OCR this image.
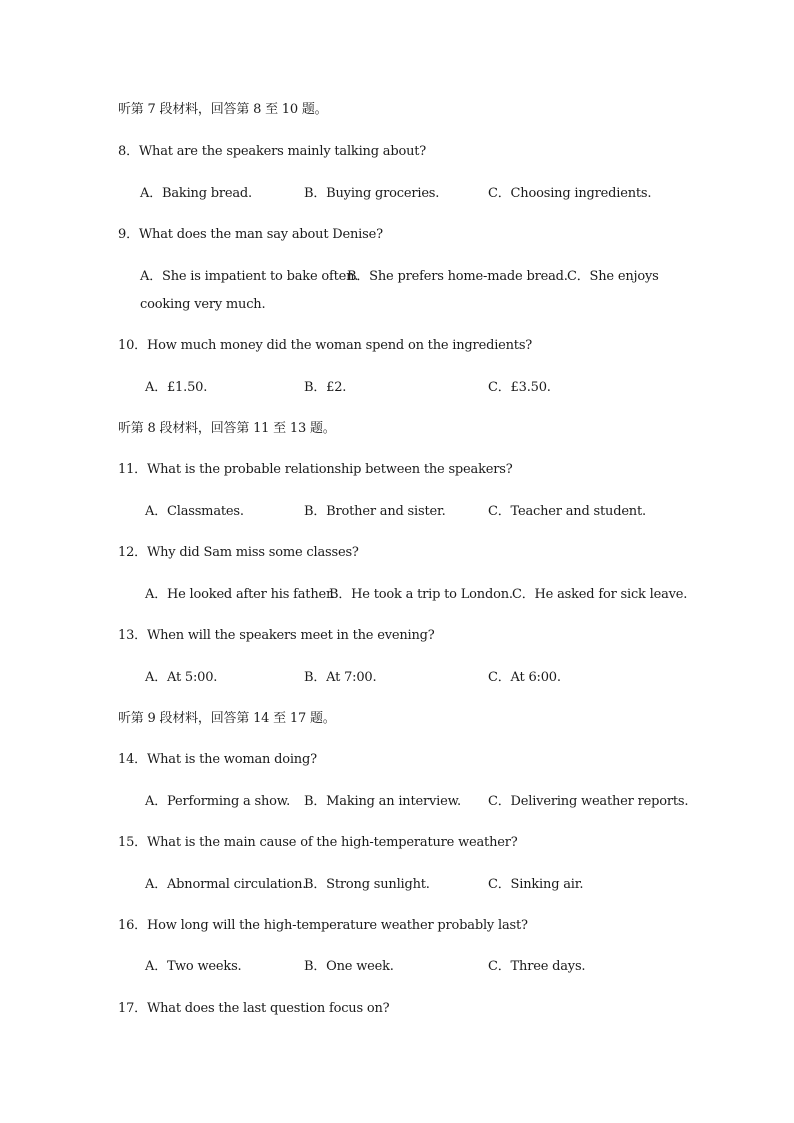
听第 7 段材料，回答第 8 至 10 题。
8．What are the speakers mainly talking about?
A．Baking bread.	B．Buying groceries.	C．Choosing ingredients.
9．What does the man say about Denise?
A．She is impatient to bake often.
B．She prefers home-made bread. C．She enjoys
cooking very much.
10．How much money did the woman spend on the ingredients?
A．£1.50.	B．£2.	C．£3.50.
听第 8 段材料，回答第 11 至 13 题。
11．What is the probable relationship between the speakers?
A．Classmates.	B．Brother and sister.	C．Teacher and student.
12．Why did Sam miss some classes?
A．He looked after his father.
B．He took a trip to London. C．He asked for sick leave.
13．When will the speakers meet in the evening?
A．At 5:00.	B．At 7:00.	C．At 6:00.
听第 9 段材料，回答第 14 至 17 题。
14．What is the woman doing?
A．Performing a show. B．Making an interview. C．Delivering weather reports.
15．What is the main cause of the high-temperature weather?
A．Abnormal circulation.
B．Strong sunlight.	C．Sinking air.
16．How long will the high-temperature weather probably last?
A．Two weeks.	B．One week.	C．Three days.
17．What does the last question focus on?
